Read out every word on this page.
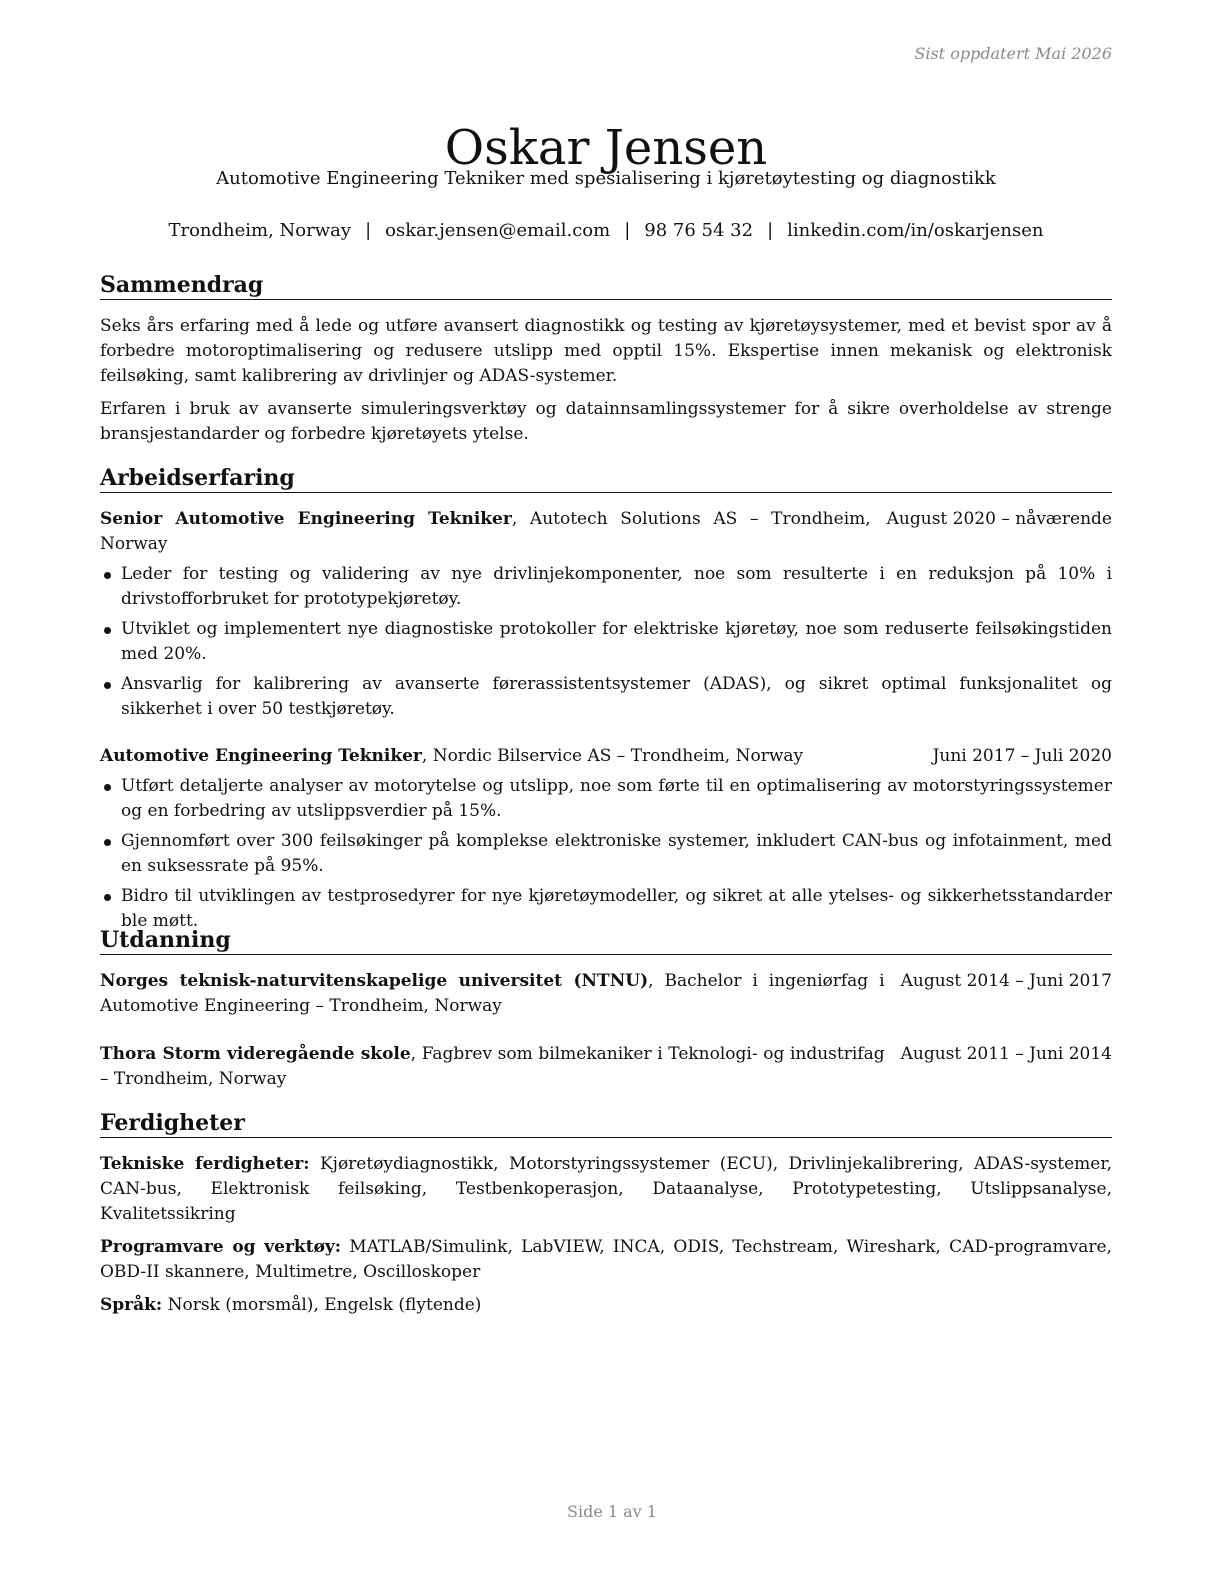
Sist oppdatert Mai 2026
Oskar Jensen
Automotive Engineering Tekniker med spesialisering i kjøretøytesting og diagnostikk
Trondheim, Norway | oskar.jensen@email.com | 98 76 54 32 | linkedin.com/in/oskarjensen
Sammendrag

Seks års erfaring med å lede og utføre avansert diagnostikk og testing av kjøretøysystemer, med et bevist spor av å forbedre motoroptimalisering og redusere utslipp med opptil 15%. Ekspertise innen mekanisk og elektronisk feilsøking, samt kalibrering av drivlinjer og ADAS-systemer.

Erfaren i bruk av avanserte simuleringsverktøy og datainnsamlingssystemer for å sikre overholdelse av strenge bransjestandarder og forbedre kjøretøyets ytelse.

Arbeidserfaring
Senior Automotive Engineering Tekniker, Autotech Solutions AS – Trondheim, Norway
August 2020 – nåværende
Leder for testing og validering av nye drivlinjekomponenter, noe som resulterte i en reduksjon på 10% i drivstofforbruket for prototypekjøretøy.
Utviklet og implementert nye diagnostiske protokoller for elektriske kjøretøy, noe som reduserte feilsøkingstiden med 20%.
Ansvarlig for kalibrering av avanserte førerassistentsystemer (ADAS), og sikret optimal funksjonalitet og sikkerhet i over 50 testkjøretøy.
Automotive Engineering Tekniker, Nordic Bilservice AS – Trondheim, Norway	Juni 2017 – Juli 2020
Utført detaljerte analyser av motorytelse og utslipp, noe som førte til en optimalisering av motorstyringssystemer og en forbedring av utslippsverdier på 15%.
Gjennomført over 300 feilsøkinger på komplekse elektroniske systemer, inkludert CAN-bus og infotainment, med en suksessrate på 95%.
Bidro til utviklingen av testprosedyrer for nye kjøretøymodeller, og sikret at alle ytelses- og sikkerhetsstandarder ble møtt.
Utdanning
Norges teknisk-naturvitenskapelige universitet (NTNU), Bachelor i ingeniørfag i Automotive Engineering – Trondheim, Norway
August 2014 – Juni 2017
Thora Storm videregående skole, Fagbrev som bilmekaniker i Teknologi- og industrifag – Trondheim, Norway
August 2011 – Juni 2014
Ferdigheter

Tekniske ferdigheter: Kjøretøydiagnostikk, Motorstyringssystemer (ECU), Drivlinjekalibrering, ADAS-systemer, CAN-bus, Elektronisk feilsøking, Testbenkoperasjon, Dataanalyse, Prototypetesting, Utslippsanalyse, Kvalitetssikring

Programvare og verktøy: MATLAB/Simulink, LabVIEW, INCA, ODIS, Techstream, Wireshark, CAD-programvare, OBD-II skannere, Multimetre, Oscilloskoper

Språk: Norsk (morsmål), Engelsk (flytende)

Side 1 av 1
